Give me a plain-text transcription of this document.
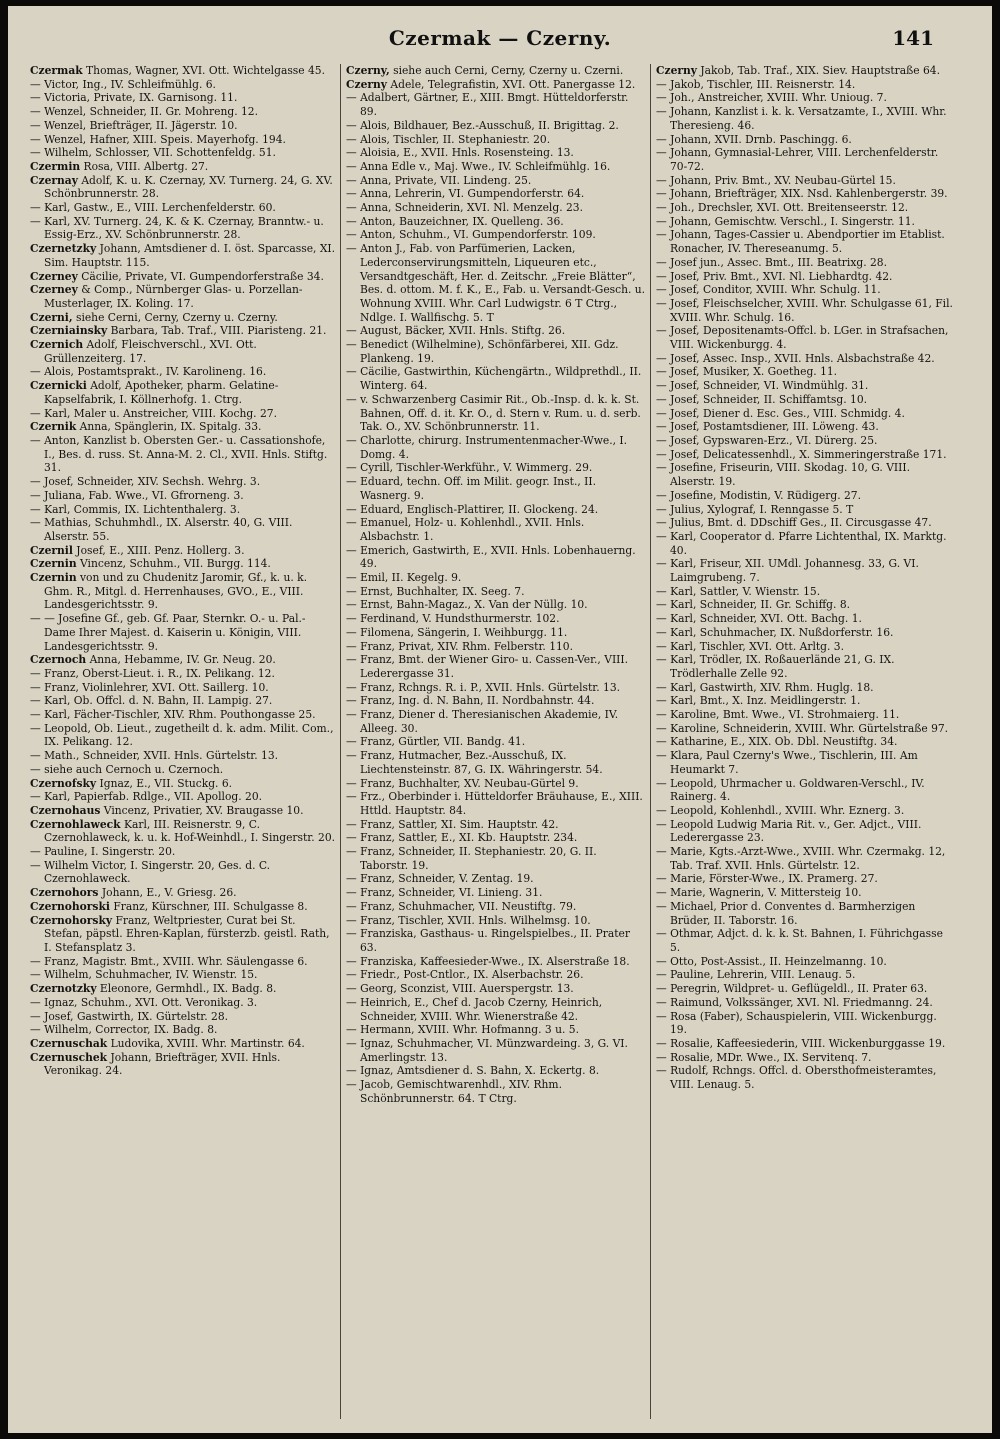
Czermak — Czerny.	141

Czermak Thomas, Wagner, XVI. Ott. Wichtelgasse 45.

— Victor, Ing., IV. Schleifmühlg. 6.

— Victoria, Private, IX. Garnisong. 11.

— Wenzel, Schneider, II. Gr. Mohreng. 12.

— Wenzel, Briefträger, II. Jägerstr. 10.

— Wenzel, Hafner, XIII. Speis. Mayerhofg. 194.

— Wilhelm, Schlosser, VII. Schottenfeldg. 51.

Czermin Rosa, VIII. Albertg. 27.

Czernay Adolf, K. u. K. Czernay, XV. Turnerg. 24, G. XV. Schönbrunnerstr. 28.

— Karl, Gastw., E., VIII. Lerchenfelderstr. 60.

— Karl, XV. Turnerg. 24, K. & K. Czernay, Branntw.- u. Essig-Erz., XV. Schönbrunnerstr. 28.

Czernetzky Johann, Amtsdiener d. I. öst. Sparcasse, XI. Sim. Hauptstr. 115.

Czerney Cäcilie, Private, VI. Gumpendorferstraße 34.

Czerney & Comp., Nürnberger Glas- u. Porzellan-Musterlager, IX. Koling. 17.

Czerni, siehe Cerni, Cerny, Czerny u. Czerny.

Czerniainsky Barbara, Tab. Traf., VIII. Piaristeng. 21.

Czernich Adolf, Fleischverschl., XVI. Ott. Grüllenzeiterg. 17.

— Alois, Postamtsprakt., IV. Karolineng. 16.

Czernicki Adolf, Apotheker, pharm. Gelatine-Kapselfabrik, I. Köllnerhofg. 1. Ctrg.

— Karl, Maler u. Anstreicher, VIII. Kochg. 27.

Czernik Anna, Spänglerin, IX. Spitalg. 33.

— Anton, Kanzlist b. Obersten Ger.- u. Cassationshofe, I., Bes. d. russ. St. Anna-M. 2. Cl., XVII. Hnls. Stiftg. 31.

— Josef, Schneider, XIV. Sechsh. Wehrg. 3.

— Juliana, Fab. Wwe., VI. Gfrorneng. 3.

— Karl, Commis, IX. Lichtenthalerg. 3.

— Mathias, Schuhmhdl., IX. Alserstr. 40, G. VIII. Alserstr. 55.

Czernil Josef, E., XIII. Penz. Hollerg. 3.

Czernin Vincenz, Schuhm., VII. Burgg. 114.

Czernin von und zu Chudenitz Jaromir, Gf., k. u. k. Ghm. R., Mitgl. d. Herrenhauses, GVO., E., VIII. Landesgerichtsstr. 9.

— — Josefine Gf., geb. Gf. Paar, Sternkr. O.- u. Pal.-Dame Ihrer Majest. d. Kaiserin u. Königin, VIII. Landesgerichtsstr. 9.

Czernoch Anna, Hebamme, IV. Gr. Neug. 20.

— Franz, Oberst-Lieut. i. R., IX. Pelikang. 12.

— Franz, Violinlehrer, XVI. Ott. Saillerg. 10.

— Karl, Ob. Offcl. d. N. Bahn, II. Lampig. 27.

— Karl, Fächer-Tischler, XIV. Rhm. Pouthongasse 25.

— Leopold, Ob. Lieut., zugetheilt d. k. adm. Milit. Com., IX. Pelikang. 12.

— Math., Schneider, XVII. Hnls. Gürtelstr. 13.

— siehe auch Cernoch u. Czernoch.

Czernofsky Ignaz, E., VII. Stuckg. 6.

— Karl, Papierfab. Rdlge., VII. Apollog. 20.

Czernohaus Vincenz, Privatier, XV. Braugasse 10.

Czernohlaweck Karl, III. Reisnerstr. 9, C. Czernohlaweck, k. u. k. Hof-Weinhdl., I. Singerstr. 20.

— Pauline, I. Singerstr. 20.

— Wilhelm Victor, I. Singerstr. 20, Ges. d. C. Czernohlaweck.

Czernohors Johann, E., V. Griesg. 26.

Czernohorski Franz, Kürschner, III. Schulgasse 8.

Czernohorsky Franz, Weltpriester, Curat bei St. Stefan, päpstl. Ehren-Kaplan, fürsterzb. geistl. Rath, I. Stefansplatz 3.

— Franz, Magistr. Bmt., XVIII. Whr. Säulengasse 6.

— Wilhelm, Schuhmacher, IV. Wienstr. 15.

Czernotzky Eleonore, Germhdl., IX. Badg. 8.

— Ignaz, Schuhm., XVI. Ott. Veronikag. 3.

— Josef, Gastwirth, IX. Gürtelstr. 28.

— Wilhelm, Corrector, IX. Badg. 8.

Czernuschak Ludovika, XVIII. Whr. Martinstr. 64.

Czernuschek Johann, Briefträger, XVII. Hnls. Veronikag. 24.

Czerny, siehe auch Cerni, Cerny, Czerny u. Czerni.

Czerny Adele, Telegrafistin, XVI. Ott. Panergasse 12.

— Adalbert, Gärtner, E., XIII. Bmgt. Hütteldorferstr. 89.

— Alois, Bildhauer, Bez.-Ausschuß, II. Brigittag. 2.

— Alois, Tischler, II. Stephaniestr. 20.

— Aloisia, E., XVII. Hnls. Rosensteing. 13.

— Anna Edle v., Maj. Wwe., IV. Schleifmühlg. 16.

— Anna, Private, VII. Lindeng. 25.

— Anna, Lehrerin, VI. Gumpendorferstr. 64.

— Anna, Schneiderin, XVI. Nl. Menzelg. 23.

— Anton, Bauzeichner, IX. Quelleng. 36.

— Anton, Schuhm., VI. Gumpendorferstr. 109.

— Anton J., Fab. von Parfümerien, Lacken, Lederconservirungsmitteln, Liqueuren etc., Versandtgeschäft, Her. d. Zeitschr. „Freie Blätter“, Bes. d. ottom. M. f. K., E., Fab. u. Versandt-Gesch. u. Wohnung XVIII. Whr. Carl Ludwigstr. 6 T Ctrg., Ndlge. I. Wallfischg. 5. T

— August, Bäcker, XVII. Hnls. Stiftg. 26.

— Benedict (Wilhelmine), Schönfärberei, XII. Gdz. Plankeng. 19.

— Cäcilie, Gastwirthin, Küchengärtn., Wildprethdl., II. Winterg. 64.

— v. Schwarzenberg Casimir Rit., Ob.-Insp. d. k. k. St. Bahnen, Off. d. it. Kr. O., d. Stern v. Rum. u. d. serb. Tak. O., XV. Schönbrunnerstr. 11.

— Charlotte, chirurg. Instrumentenmacher-Wwe., I. Domg. 4.

— Cyrill, Tischler-Werkführ., V. Wimmerg. 29.

— Eduard, techn. Off. im Milit. geogr. Inst., II. Wasnerg. 9.

— Eduard, Englisch-Plattirer, II. Glockeng. 24.

— Emanuel, Holz- u. Kohlenhdl., XVII. Hnls. Alsbachstr. 1.

— Emerich, Gastwirth, E., XVII. Hnls. Lobenhauerng. 49.

— Emil, II. Kegelg. 9.

— Ernst, Buchhalter, IX. Seeg. 7.

— Ernst, Bahn-Magaz., X. Van der Nüllg. 10.

— Ferdinand, V. Hundsthurmerstr. 102.

— Filomena, Sängerin, I. Weihburgg. 11.

— Franz, Privat, XIV. Rhm. Felberstr. 110.

— Franz, Bmt. der Wiener Giro- u. Cassen-Ver., VIII. Lederergasse 31.

— Franz, Rchngs. R. i. P., XVII. Hnls. Gürtelstr. 13.

— Franz, Ing. d. N. Bahn, II. Nordbahnstr. 44.

— Franz, Diener d. Theresianischen Akademie, IV. Alleeg. 30.

— Franz, Gürtler, VII. Bandg. 41.

— Franz, Hutmacher, Bez.-Ausschuß, IX. Liechtensteinstr. 87, G. IX. Währingerstr. 54.

— Franz, Buchhalter, XV. Neubau-Gürtel 9.

— Frz., Oberbinder i. Hütteldorfer Bräuhause, E., XIII. Httld. Hauptstr. 84.

— Franz, Sattler, XI. Sim. Hauptstr. 42.

— Franz, Sattler, E., XI. Kb. Hauptstr. 234.

— Franz, Schneider, II. Stephaniestr. 20, G. II. Taborstr. 19.

— Franz, Schneider, V. Zentag. 19.

— Franz, Schneider, VI. Linieng. 31.

— Franz, Schuhmacher, VII. Neustiftg. 79.

— Franz, Tischler, XVII. Hnls. Wilhelmsg. 10.

— Franziska, Gasthaus- u. Ringelspielbes., II. Prater 63.

— Franziska, Kaffeesieder-Wwe., IX. Alserstraße 18.

— Friedr., Post-Cntlor., IX. Alserbachstr. 26.

— Georg, Sconzist, VIII. Auerspergstr. 13.

— Heinrich, E., Chef d. Jacob Czerny, Heinrich, Schneider, XVIII. Whr. Wienerstraße 42.

— Hermann, XVIII. Whr. Hofmanng. 3 u. 5.

— Ignaz, Schuhmacher, VI. Münzwardeing. 3, G. VI. Amerlingstr. 13.

— Ignaz, Amtsdiener d. S. Bahn, X. Eckertg. 8.

— Jacob, Gemischtwarenhdl., XIV. Rhm. Schönbrunnerstr. 64. T Ctrg.

Czerny Jakob, Tab. Traf., XIX. Siev. Hauptstraße 64.

— Jakob, Tischler, III. Reisnerstr. 14.

— Joh., Anstreicher, XVIII. Whr. Unioug. 7.

— Johann, Kanzlist i. k. k. Versatzamte, I., XVIII. Whr. Theresieng. 46.

— Johann, XVII. Drnb. Paschingg. 6.

— Johann, Gymnasial-Lehrer, VIII. Lerchenfelderstr. 70-72.

— Johann, Priv. Bmt., XV. Neubau-Gürtel 15.

— Johann, Briefträger, XIX. Nsd. Kahlenbergerstr. 39.

— Joh., Drechsler, XVI. Ott. Breitenseerstr. 12.

— Johann, Gemischtw. Verschl., I. Singerstr. 11.

— Johann, Tages-Cassier u. Abendportier im Etablist. Ronacher, IV. Thereseanumg. 5.

— Josef jun., Assec. Bmt., III. Beatrixg. 28.

— Josef, Priv. Bmt., XVI. Nl. Liebhardtg. 42.

— Josef, Conditor, XVIII. Whr. Schulg. 11.

— Josef, Fleischselcher, XVIII. Whr. Schulgasse 61, Fil. XVIII. Whr. Schulg. 16.

— Josef, Depositenamts-Offcl. b. LGer. in Strafsachen, VIII. Wickenburgg. 4.

— Josef, Assec. Insp., XVII. Hnls. Alsbachstraße 42.

— Josef, Musiker, X. Goetheg. 11.

— Josef, Schneider, VI. Windmühlg. 31.

— Josef, Schneider, II. Schiffamtsg. 10.

— Josef, Diener d. Esc. Ges., VIII. Schmidg. 4.

— Josef, Postamtsdiener, III. Löweng. 43.

— Josef, Gypswaren-Erz., VI. Dürerg. 25.

— Josef, Delicatessenhdl., X. Simmeringerstraße 171.

— Josefine, Friseurin, VIII. Skodag. 10, G. VIII. Alserstr. 19.

— Josefine, Modistin, V. Rüdigerg. 27.

— Julius, Xylograf, I. Renngasse 5. T

— Julius, Bmt. d. DDschiff Ges., II. Circusgasse 47.

— Karl, Cooperator d. Pfarre Lichtenthal, IX. Marktg. 40.

— Karl, Friseur, XII. UMdl. Johannesg. 33, G. VI. Laimgrubeng. 7.

— Karl, Sattler, V. Wienstr. 15.

— Karl, Schneider, II. Gr. Schiffg. 8.

— Karl, Schneider, XVI. Ott. Bachg. 1.

— Karl, Schuhmacher, IX. Nußdorferstr. 16.

— Karl, Tischler, XVI. Ott. Arltg. 3.

— Karl, Trödler, IX. Roßauerlände 21, G. IX. Trödlerhalle Zelle 92.

— Karl, Gastwirth, XIV. Rhm. Huglg. 18.

— Karl, Bmt., X. Inz. Meidlingerstr. 1.

— Karoline, Bmt. Wwe., VI. Strohmaierg. 11.

— Karoline, Schneiderin, XVIII. Whr. Gürtelstraße 97.

— Katharine, E., XIX. Ob. Dbl. Neustiftg. 34.

— Klara, Paul Czerny's Wwe., Tischlerin, III. Am Heumarkt 7.

— Leopold, Uhrmacher u. Goldwaren-Verschl., IV. Rainerg. 4.

— Leopold, Kohlenhdl., XVIII. Whr. Eznerg. 3.

— Leopold Ludwig Maria Rit. v., Ger. Adjct., VIII. Lederergasse 23.

— Marie, Kgts.-Arzt-Wwe., XVIII. Whr. Czermakg. 12, Tab. Traf. XVII. Hnls. Gürtelstr. 12.

— Marie, Förster-Wwe., IX. Pramerg. 27.

— Marie, Wagnerin, V. Mittersteig 10.

— Michael, Prior d. Conventes d. Barmherzigen Brüder, II. Taborstr. 16.

— Othmar, Adjct. d. k. k. St. Bahnen, I. Führichgasse 5.

— Otto, Post-Assist., II. Heinzelmanng. 10.

— Pauline, Lehrerin, VIII. Lenaug. 5.

— Peregrin, Wildpret- u. Geflügeldl., II. Prater 63.

— Raimund, Volkssänger, XVI. Nl. Friedmanng. 24.

— Rosa (Faber), Schauspielerin, VIII. Wickenburgg. 19.

— Rosalie, Kaffeesiederin, VIII. Wickenburggasse 19.

— Rosalie, MDr. Wwe., IX. Servitenq. 7.

— Rudolf, Rchngs. Offcl. d. Obersthofmeisteramtes, VIII. Lenaug. 5.
